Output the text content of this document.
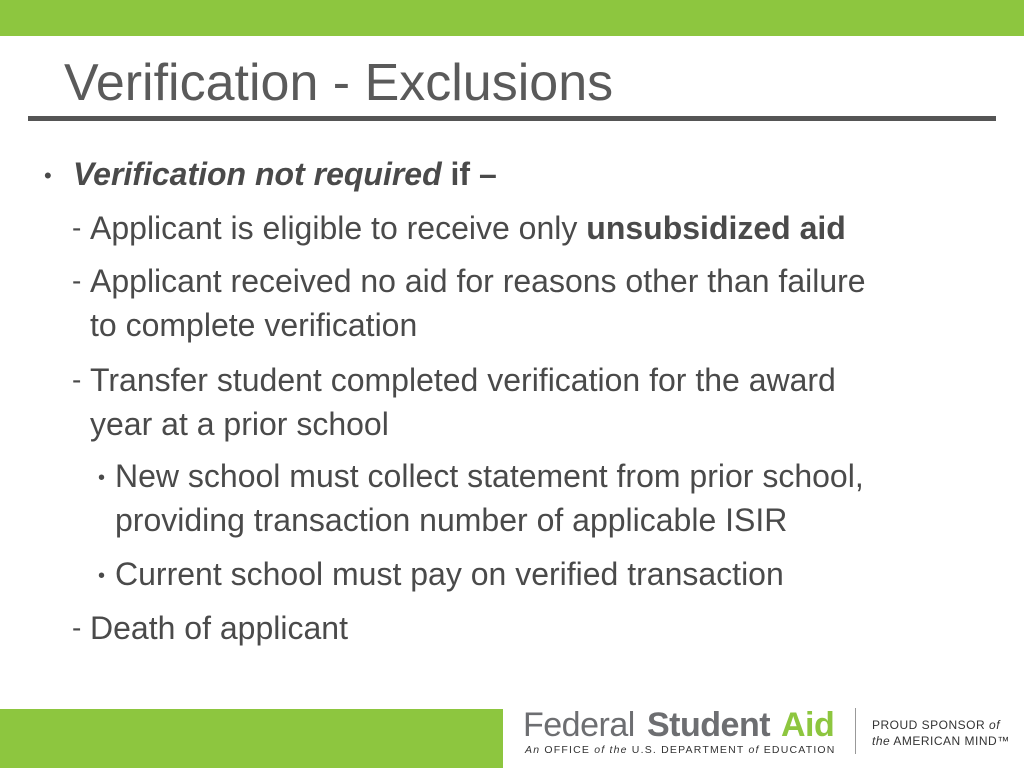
Verification - Exclusions
• Verification not required if –
- Applicant is eligible to receive only unsubsidized aid
- Applicant received no aid for reasons other than failure
to complete verification
- Transfer student completed verification for the award
year at a prior school
• New school must collect statement from prior school,
providing transaction number of applicable ISIR
• Current school must pay on verified transaction
- Death of applicant
Federal Student Aid
An OFFICE of the U.S. DEPARTMENT of EDUCATION
PROUD SPONSOR of
the AMERICAN MIND™
